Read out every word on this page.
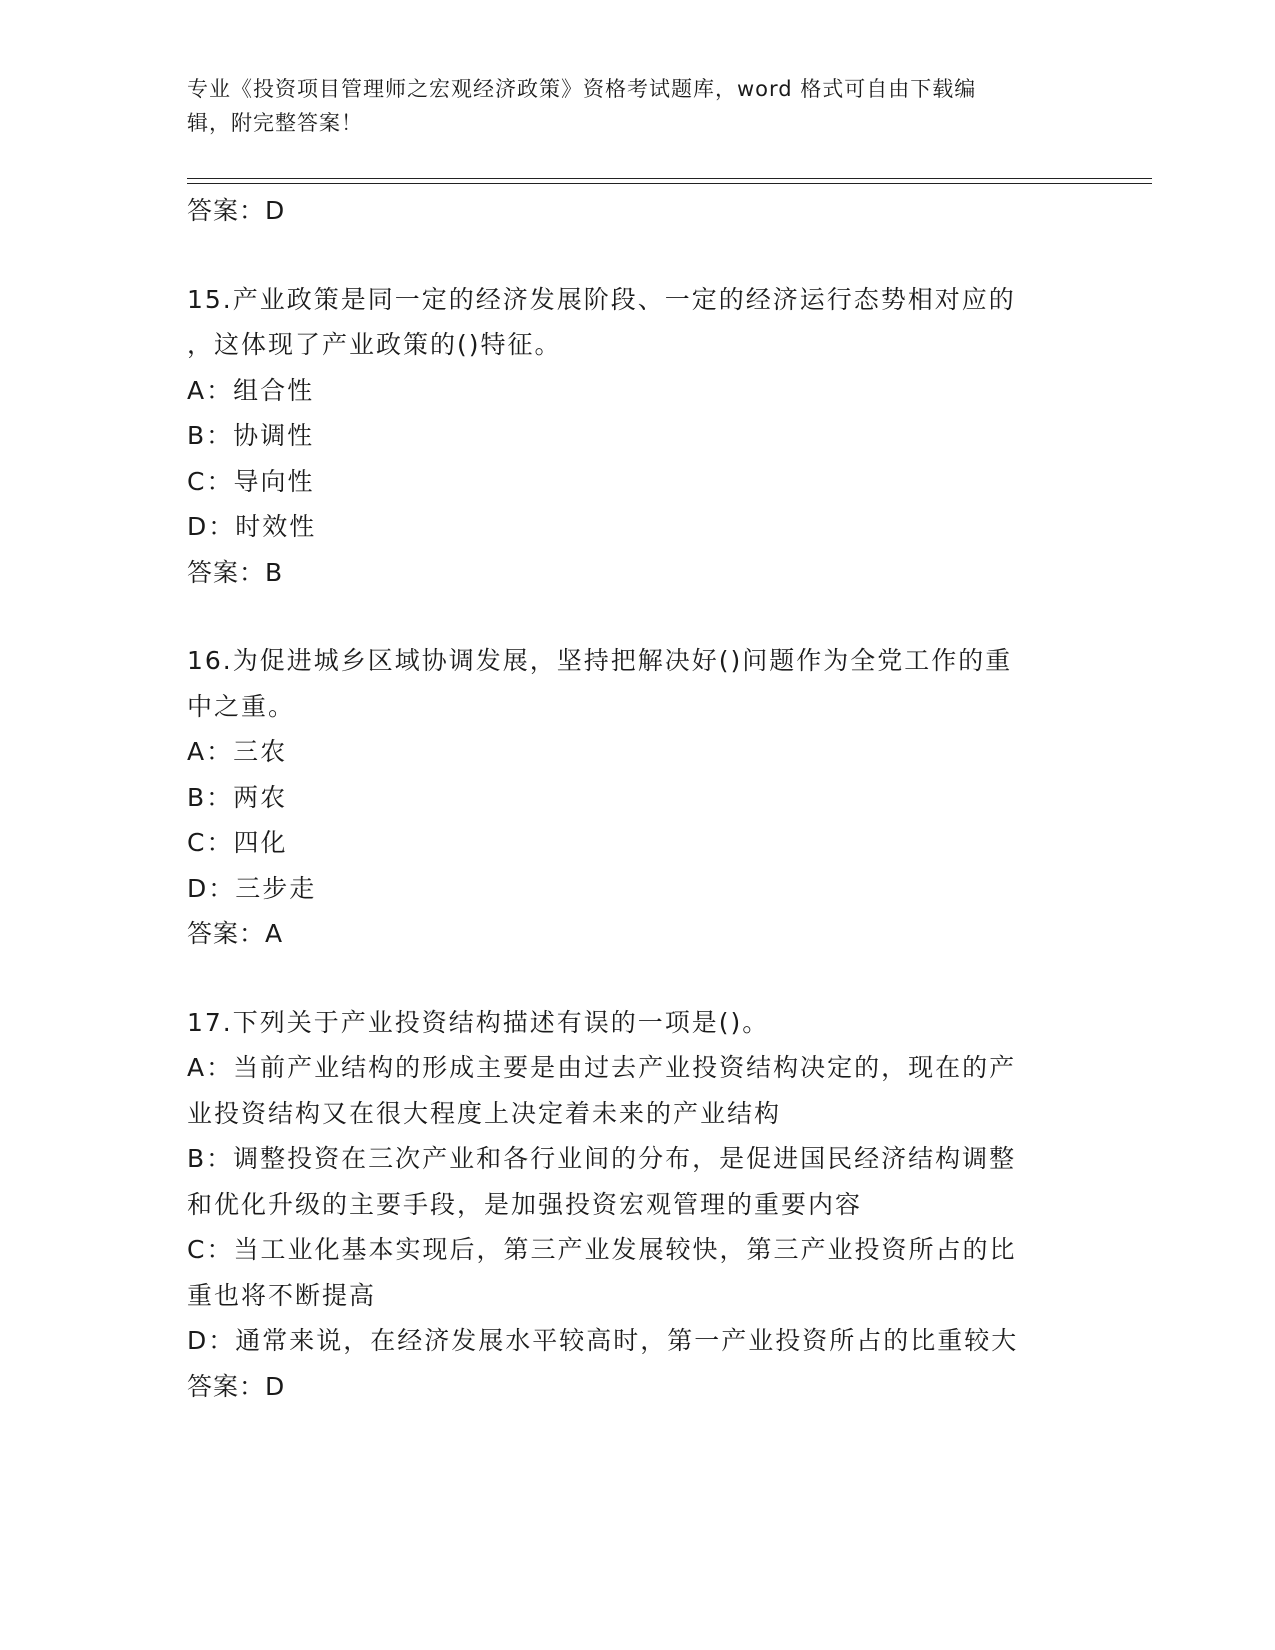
专业《投资项目管理师之宏观经济政策》资格考试题库，word 格式可自由下载编
辑，附完整答案！
答案：D
15.产业政策是同一定的经济发展阶段、一定的经济运行态势相对应的
，这体现了产业政策的()特征。
A：组合性
B：协调性
C：导向性
D：时效性
答案：B
16.为促进城乡区域协调发展，坚持把解决好()问题作为全党工作的重
中之重。
A：三农
B：两农
C：四化
D：三步走
答案：A
17.下列关于产业投资结构描述有误的一项是()。
A：当前产业结构的形成主要是由过去产业投资结构决定的，现在的产
业投资结构又在很大程度上决定着未来的产业结构
B：调整投资在三次产业和各行业间的分布，是促进国民经济结构调整
和优化升级的主要手段，是加强投资宏观管理的重要内容
C：当工业化基本实现后，第三产业发展较快，第三产业投资所占的比
重也将不断提高
D：通常来说，在经济发展水平较高时，第一产业投资所占的比重较大
答案：D
